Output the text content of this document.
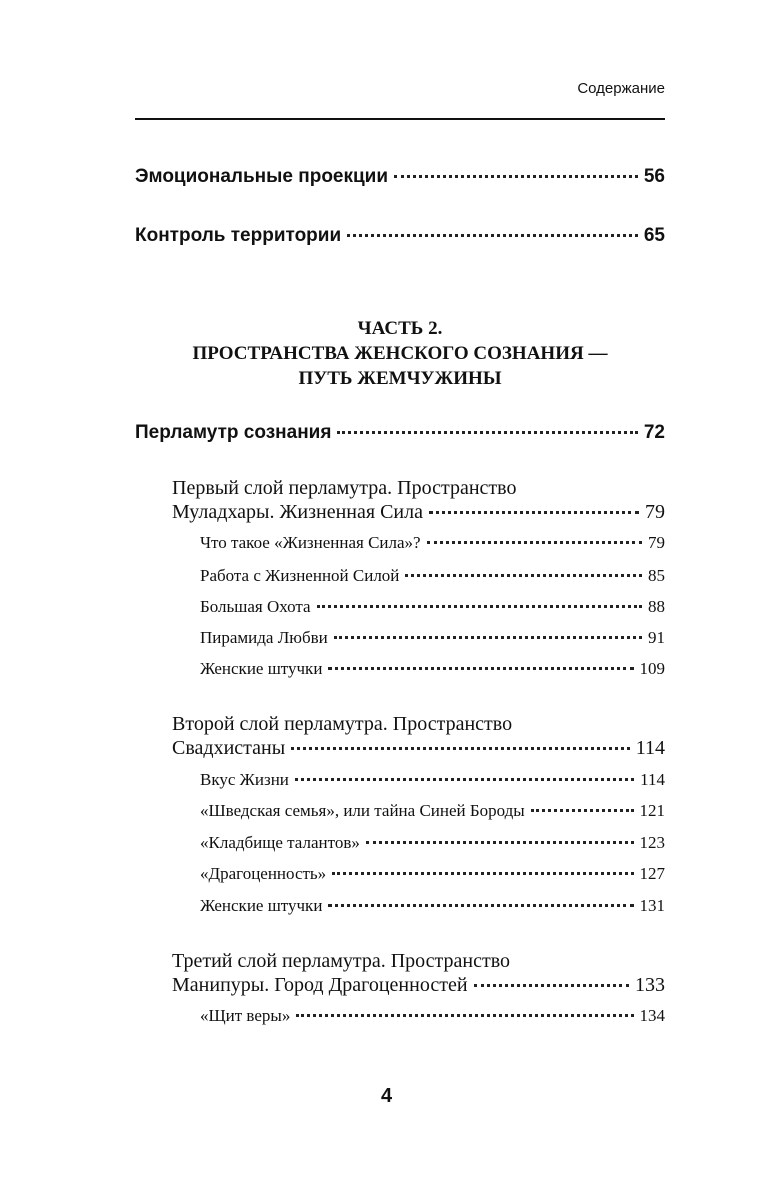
Содержание
Эмоциональные проекции	56
Контроль территории	65
ЧАСТЬ 2.
ПРОСТРАНСТВА ЖЕНСКОГО СОЗНАНИЯ —
ПУТЬ ЖЕМЧУЖИНЫ
Перламутр сознания	72
Первый слой перламутра. Пространство
Муладхары. Жизненная Сила	79
Что такое «Жизненная Сила»?	79
Работа с Жизненной Силой	85
Большая Охота	88
Пирамида Любви	91
Женские штучки	109
Второй слой перламутра. Пространство
Свадхистаны	114
Вкус Жизни	114
«Шведская семья», или тайна Синей Бороды	121
«Кладбище талантов»	123
«Драгоценность»	127
Женские штучки	131
Третий слой перламутра. Пространство
Манипуры. Город Драгоценностей	133
«Щит веры»	134
4
